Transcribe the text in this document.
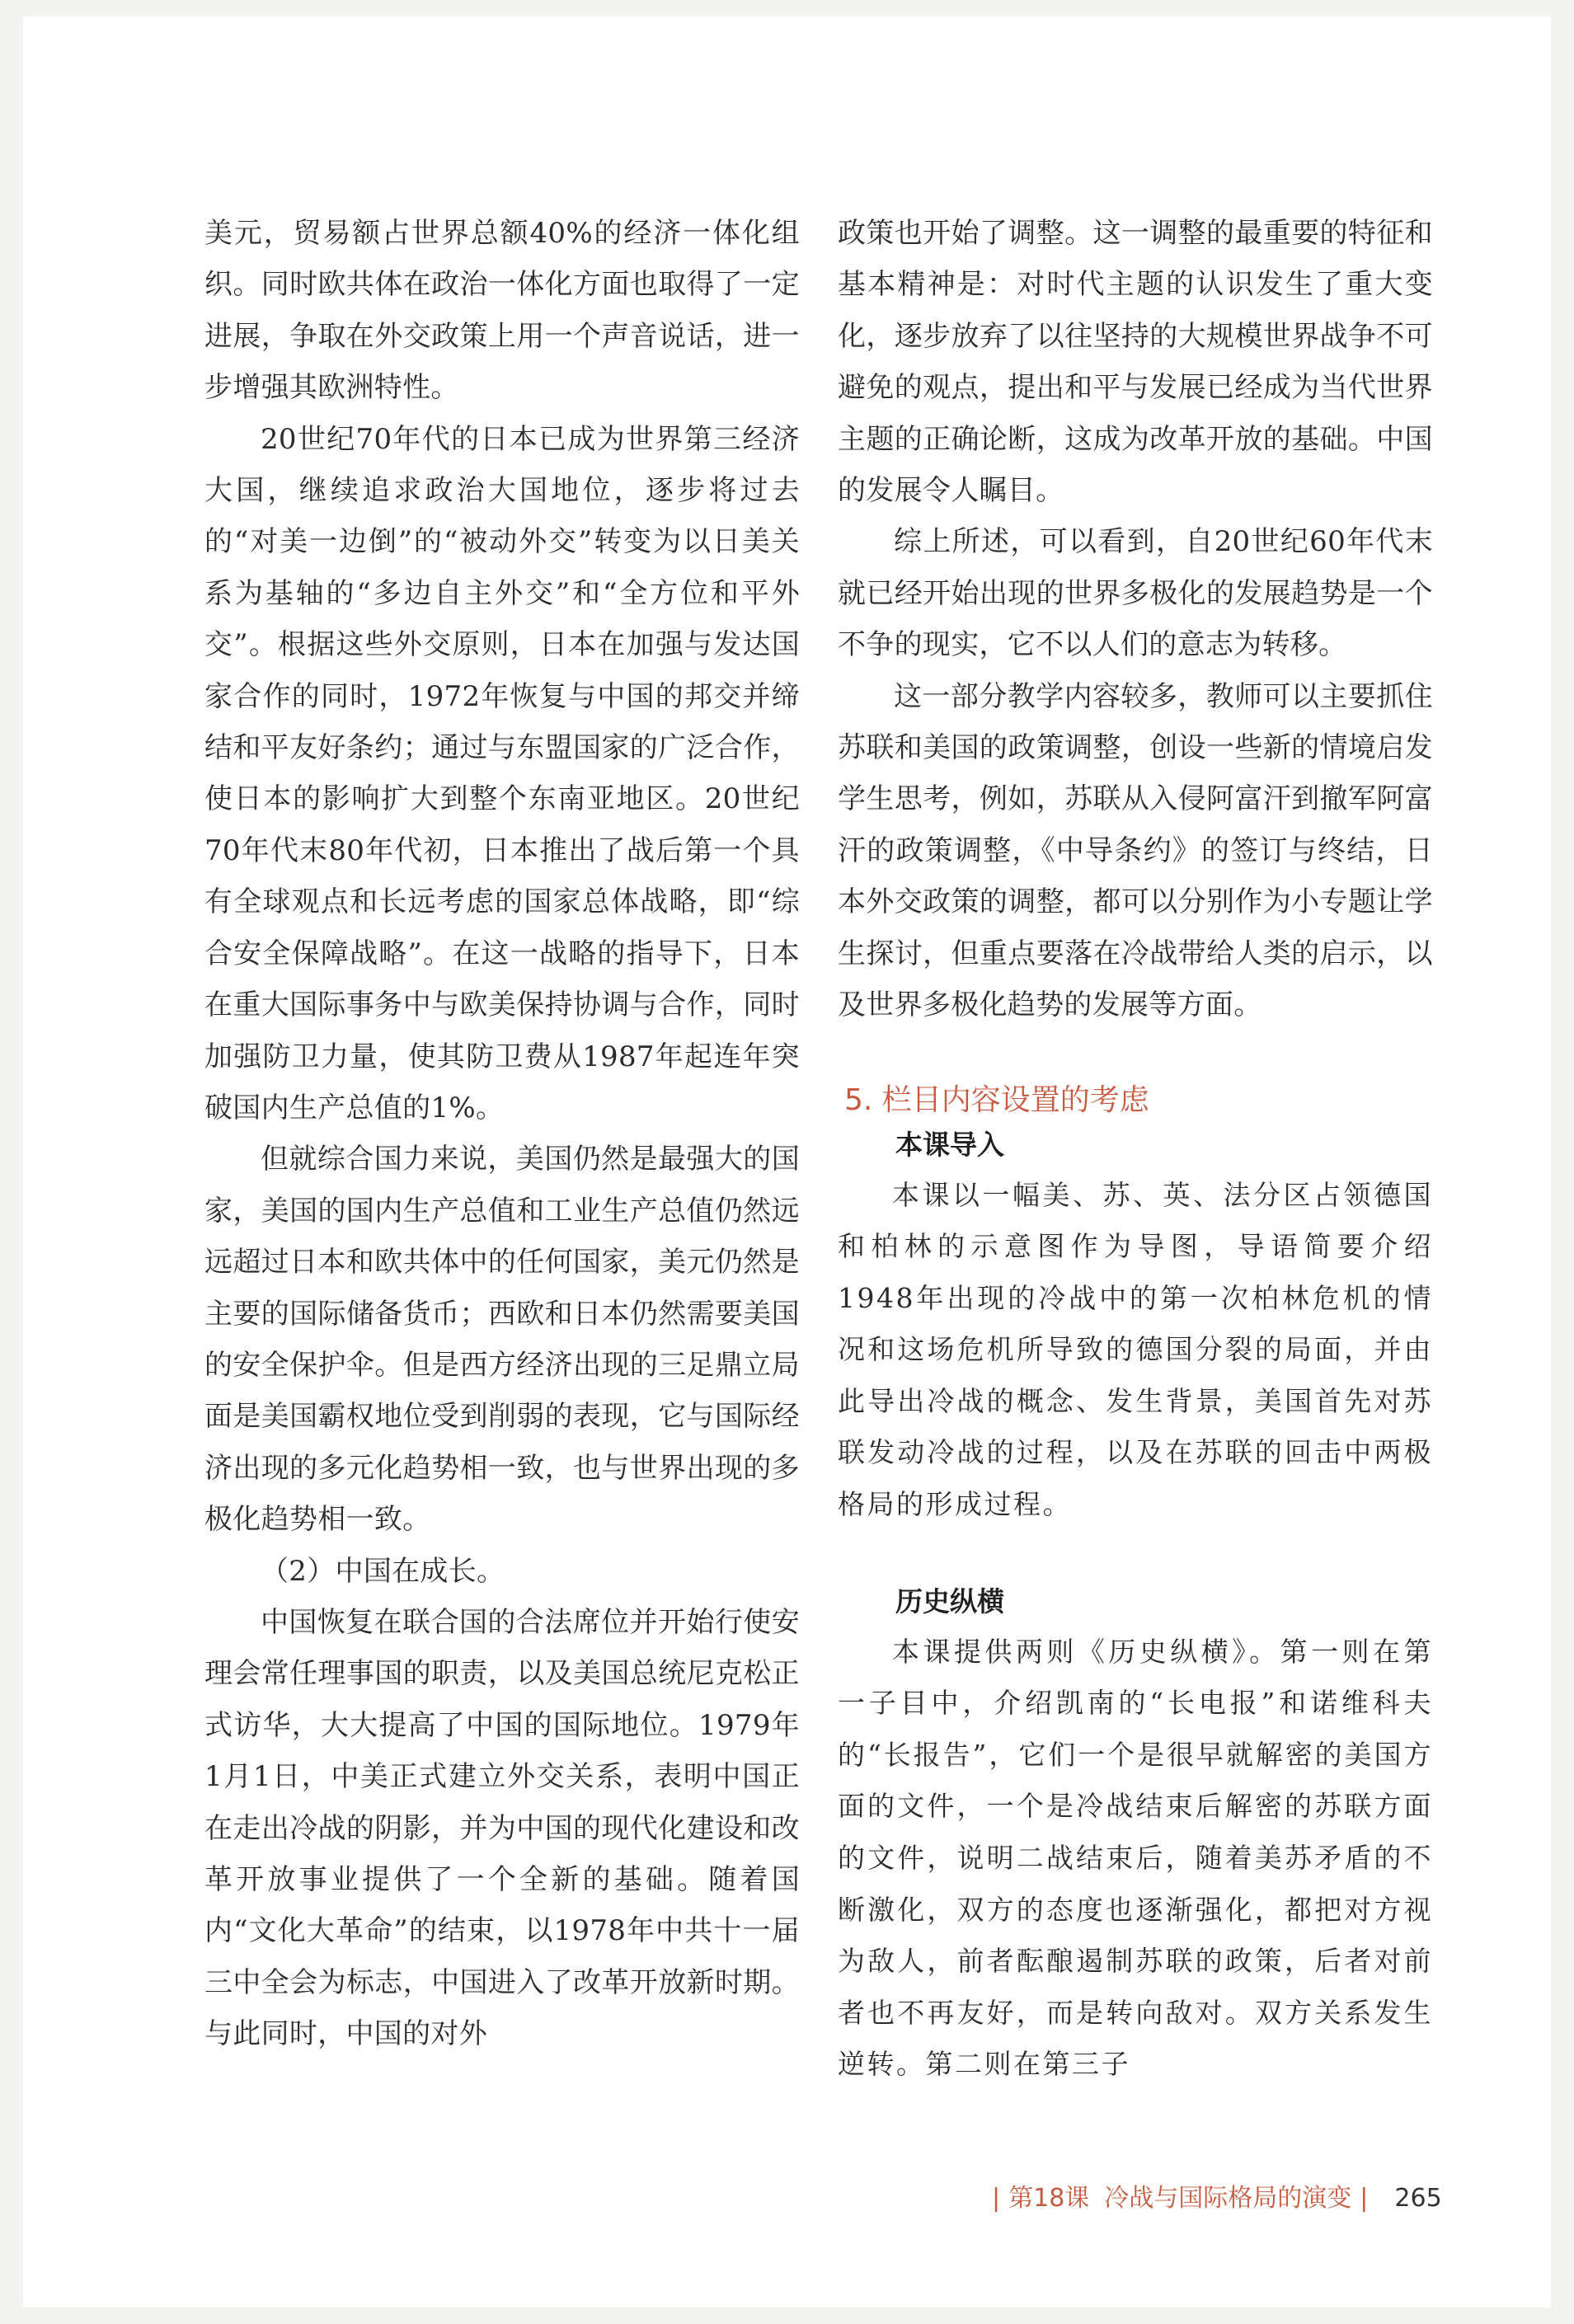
美元，贸易额占世界总额40%的经济一体化组织。同时欧共体在政治一体化方面也取得了一定进展，争取在外交政策上用一个声音说话，进一步增强其欧洲特性。

20世纪70年代的日本已成为世界第三经济大国，继续追求政治大国地位，逐步将过去的“对美一边倒”的“被动外交”转变为以日美关系为基轴的“多边自主外交”和“全方位和平外交”。根据这些外交原则，日本在加强与发达国家合作的同时，1972年恢复与中国的邦交并缔结和平友好条约；通过与东盟国家的广泛合作，使日本的影响扩大到整个东南亚地区。20世纪70年代末80年代初，日本推出了战后第一个具有全球观点和长远考虑的国家总体战略，即“综合安全保障战略”。在这一战略的指导下，日本在重大国际事务中与欧美保持协调与合作，同时加强防卫力量，使其防卫费从1987年起连年突破国内生产总值的1%。

但就综合国力来说，美国仍然是最强大的国家，美国的国内生产总值和工业生产总值仍然远远超过日本和欧共体中的任何国家，美元仍然是主要的国际储备货币；西欧和日本仍然需要美国的安全保护伞。但是西方经济出现的三足鼎立局面是美国霸权地位受到削弱的表现，它与国际经济出现的多元化趋势相一致，也与世界出现的多极化趋势相一致。

（2）中国在成长。

中国恢复在联合国的合法席位并开始行使安理会常任理事国的职责，以及美国总统尼克松正式访华，大大提高了中国的国际地位。1979年1月1日，中美正式建立外交关系，表明中国正在走出冷战的阴影，并为中国的现代化建设和改革开放事业提供了一个全新的基础。随着国内“文化大革命”的结束，以1978年中共十一届三中全会为标志，中国进入了改革开放新时期。与此同时，中国的对外

政策也开始了调整。这一调整的最重要的特征和基本精神是：对时代主题的认识发生了重大变化，逐步放弃了以往坚持的大规模世界战争不可避免的观点，提出和平与发展已经成为当代世界主题的正确论断，这成为改革开放的基础。中国的发展令人瞩目。

综上所述，可以看到，自20世纪60年代末就已经开始出现的世界多极化的发展趋势是一个不争的现实，它不以人们的意志为转移。

这一部分教学内容较多，教师可以主要抓住苏联和美国的政策调整，创设一些新的情境启发学生思考，例如，苏联从入侵阿富汗到撤军阿富汗的政策调整，《中导条约》的签订与终结，日本外交政策的调整，都可以分别作为小专题让学生探讨，但重点要落在冷战带给人类的启示，以及世界多极化趋势的发展等方面。

5. 栏目内容设置的考虑
本课导入

本课以一幅美、苏、英、法分区占领德国和柏林的示意图作为导图，导语简要介绍1948年出现的冷战中的第一次柏林危机的情况和这场危机所导致的德国分裂的局面，并由此导出冷战的概念、发生背景，美国首先对苏联发动冷战的过程，以及在苏联的回击中两极格局的形成过程。

历史纵横

本课提供两则《历史纵横》。第一则在第一子目中，介绍凯南的“长电报”和诺维科夫的“长报告”，它们一个是很早就解密的美国方面的文件，一个是冷战结束后解密的苏联方面的文件，说明二战结束后，随着美苏矛盾的不断激化，双方的态度也逐渐强化，都把对方视为敌人，前者酝酿遏制苏联的政策，后者对前者也不再友好，而是转向敌对。双方关系发生逆转。第二则在第三子

| 第18课 冷战与国际格局的演变 | 265
